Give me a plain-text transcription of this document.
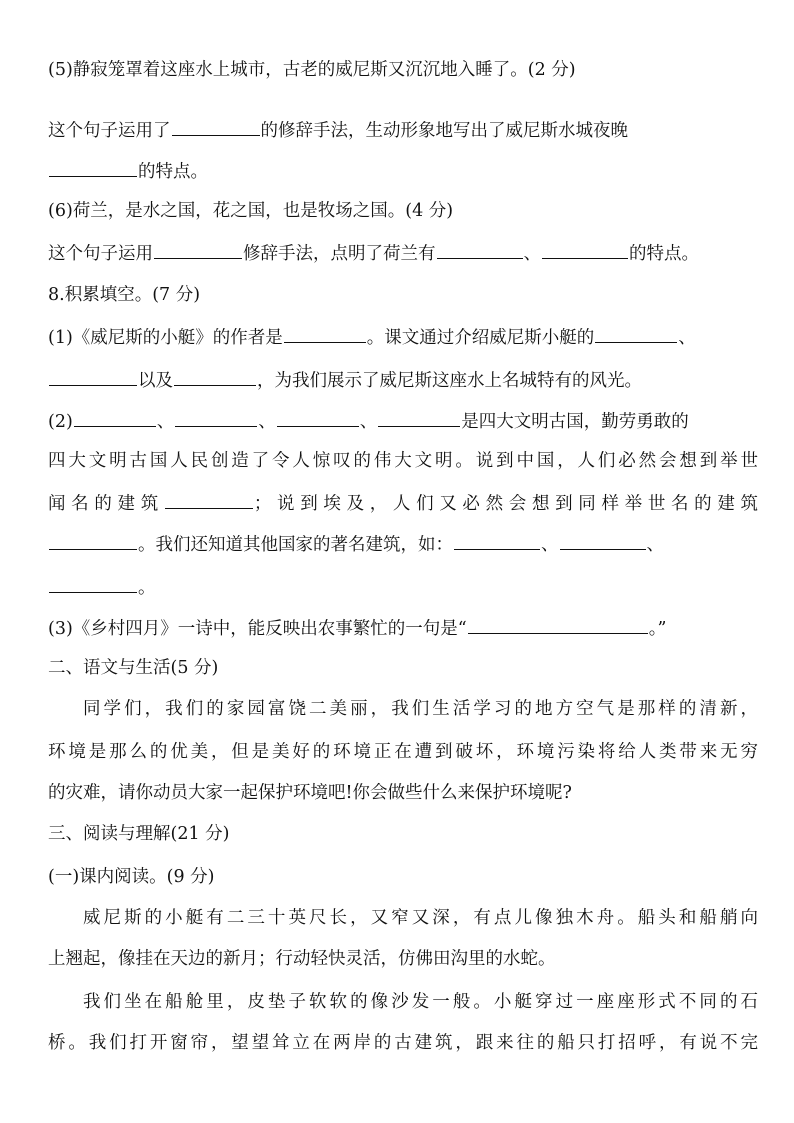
(5)静寂笼罩着这座水上城市，古老的威尼斯又沉沉地入睡了。(2 分)
这个句子运用了	的修辞手法，生动形象地写出了威尼斯水城夜晚
的特点。
(6)荷兰，是水之国，花之国，也是牧场之国。(4 分)
这个句子运用	修辞手法，点明了荷兰有	、	的特点。
8.积累填空。(7 分)
(1)《威尼斯的小艇》的作者是	。课文通过介绍威尼斯小艇的	、
以及	，为我们展示了威尼斯这座水上名城特有的风光。
(2)	、	、	、	是四大文明古国，勤劳勇敢的
四大文明古国人民创造了令人惊叹的伟大文明。说到中国，人们必然会想到举世
闻名的建筑	；说到埃及，人们又必然会想到同样举世名的建筑
。我们还知道其他国家的著名建筑，如：	、	、
。
(3)《乡村四月》一诗中，能反映出农事繁忙的一句是“	。”
二、语文与生活(5 分)
同学们，我们的家园富饶二美丽，我们生活学习的地方空气是那样的清新，
环境是那么的优美，但是美好的环境正在遭到破坏，环境污染将给人类带来无穷
的灾难，请你动员大家一起保护环境吧!你会做些什么来保护环境呢?
三、阅读与理解(21 分)
(一)课内阅读。(9 分)
威尼斯的小艇有二三十英尺长，又窄又深，有点儿像独木舟。船头和船艄向
上翘起，像挂在天边的新月；行动轻快灵活，仿佛田沟里的水蛇。
我们坐在船舱里，皮垫子软软的像沙发一般。小艇穿过一座座形式不同的石
桥。我们打开窗帘，望望耸立在两岸的古建筑，跟来往的船只打招呼，有说不完
